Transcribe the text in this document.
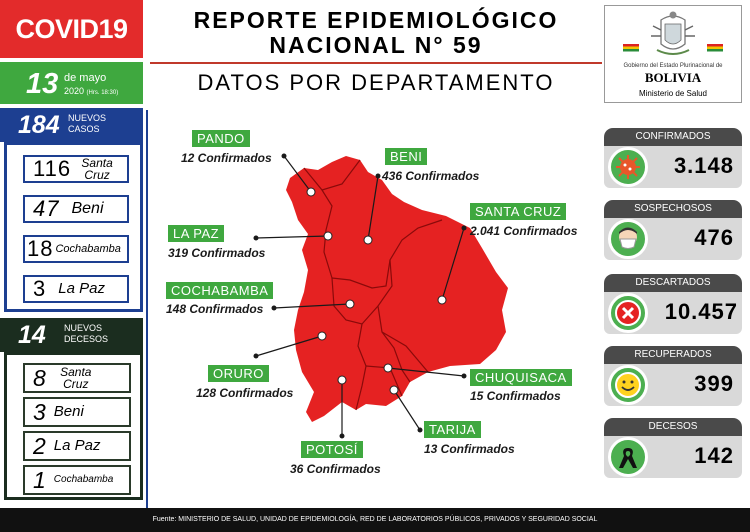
COVID19
13 de mayo
2020 (Hrs. 18:30)
184 NUEVOS
CASOS
116 Santa Cruz
47 Beni
18 Cochabamba
3 La Paz
14 NUEVOS
DECESOS
8	Santa Cruz
3 Beni
2 La Paz
1 Cochabamba
REPORTE EPIDEMIOLÓGICO
NACIONAL N° 59
DATOS POR DEPARTAMENTO
Gobierno del Estado Plurinacional de
BOLIVIA
Ministerio de Salud
PANDO
12 Confirmados	BENI
436 Confirmados
LA PAZ
319 Confirmados
SANTA CRUZ
2.041 Confirmados
COCHABAMBA
148 Confirmados
ORURO
128 Confirmados
CHUQUISACA
15 Confirmados
TARIJA
13 Confirmados
POTOSÍ
36 Confirmados
CONFIRMADOS
3.148
SOSPECHOSOS
476
DESCARTADOS
10.457
RECUPERADOS
399
DECESOS
142
Fuente: MINISTERIO DE SALUD, UNIDAD DE EPIDEMIOLOGÍA, RED DE LABORATORIOS PÚBLICOS, PRIVADOS Y SEGURIDAD SOCIAL
